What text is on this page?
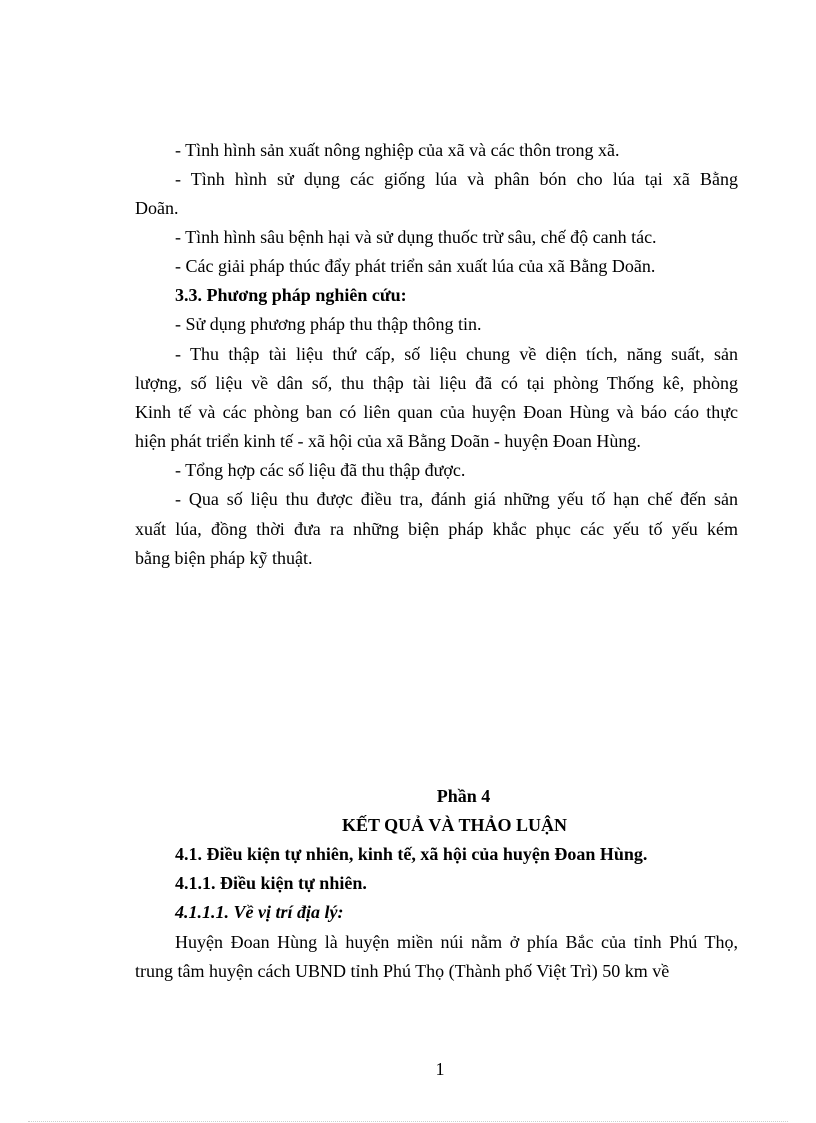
- Tình hình sản xuất nông nghiệp của xã và các thôn trong xã.

- Tình hình sử dụng các giống lúa và phân bón cho lúa tại xã Bằng

Doãn.

- Tình hình sâu bệnh hại và sử dụng thuốc trừ sâu, chế độ canh tác.

- Các giải pháp thúc đẩy phát triển sản xuất lúa của xã Bằng Doãn.

3.3. Phương pháp nghiên cứu:

- Sử dụng phương pháp thu thập thông tin.

- Thu thập tài liệu thứ cấp, số liệu chung về diện tích, năng suất, sản

lượng, số liệu về dân số, thu thập tài liệu đã có tại phòng Thống kê, phòng

Kinh tế và các phòng ban có liên quan của huyện Đoan Hùng và báo cáo thực

hiện phát triển kinh tế - xã hội của xã Bằng Doãn - huyện Đoan Hùng.

- Tổng hợp các số liệu đã thu thập được.

- Qua số liệu thu được điều tra, đánh giá những yếu tố hạn chế đến sản

xuất lúa, đồng thời đưa ra những biện pháp khắc phục các yếu tố yếu kém

bằng biện pháp kỹ thuật.

Phần 4

KẾT QUẢ VÀ THẢO LUẬN

4.1. Điều kiện tự nhiên, kinh tế, xã hội của huyện Đoan Hùng.

4.1.1. Điều kiện tự nhiên.

4.1.1.1. Về vị trí địa lý:

Huyện Đoan Hùng là huyện miền núi nằm ở phía Bắc của tỉnh Phú Thọ,

trung tâm huyện cách UBND tỉnh Phú Thọ (Thành phố Việt Trì) 50 km về

1
